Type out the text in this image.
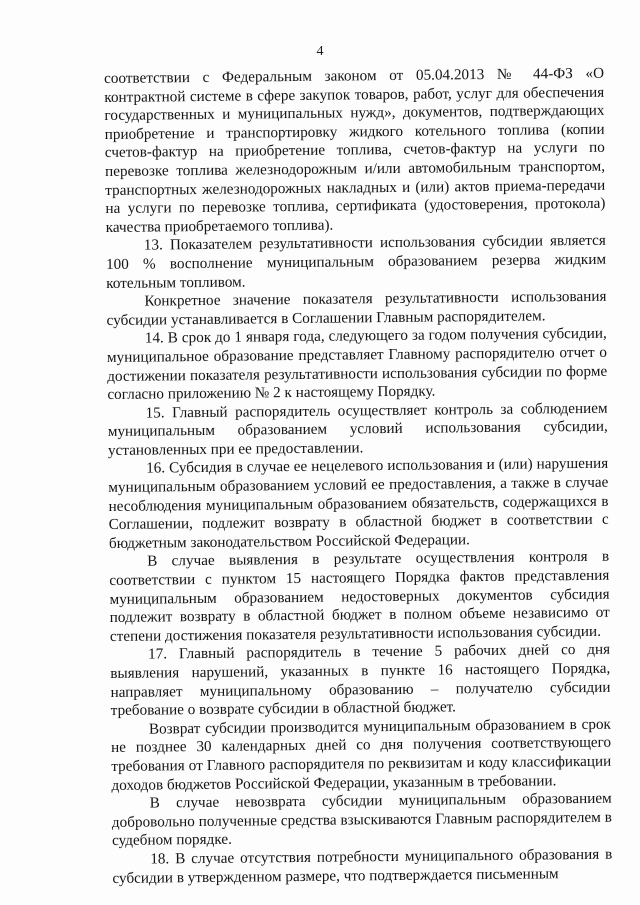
4

соответствии с Федеральным законом от 05.04.2013 № 44-ФЗ «О контрактной системе в сфере закупок товаров, работ, услуг для обеспечения государственных и муниципальных нужд», документов, подтверждающих приобретение и транспортировку жидкого котельного топлива (копии счетов-фактур на приобретение топлива, счетов-фактур на услуги по перевозке топлива железнодорожным и/или автомобильным транспортом, транспортных железнодорожных накладных и (или) актов приема-передачи на услуги по перевозке топлива, сертификата (удостоверения, протокола) качества приобретаемого топлива).

13. Показателем результативности использования субсидии является 100 % восполнение муниципальным образованием резерва жидким котельным топливом.

Конкретное значение показателя результативности использования субсидии устанавливается в Соглашении Главным распорядителем.

14. В срок до 1 января года, следующего за годом получения субсидии, муниципальное образование представляет Главному распорядителю отчет о достижении показателя результативности использования субсидии по форме согласно приложению № 2 к настоящему Порядку.

15. Главный распорядитель осуществляет контроль за соблюдением муниципальным образованием условий использования субсидии, установленных при ее предоставлении.

16. Субсидия в случае ее нецелевого использования и (или) нарушения муниципальным образованием условий ее предоставления, а также в случае несоблюдения муниципальным образованием обязательств, содержащихся в Соглашении, подлежит возврату в областной бюджет в соответствии с бюджетным законодательством Российской Федерации.

В случае выявления в результате осуществления контроля в соответствии с пунктом 15 настоящего Порядка фактов представления муниципальным образованием недостоверных документов субсидия подлежит возврату в областной бюджет в полном объеме независимо от степени достижения показателя результативности использования субсидии.

17. Главный распорядитель в течение 5 рабочих дней со дня выявления нарушений, указанных в пункте 16 настоящего Порядка, направляет муниципальному образованию – получателю субсидии требование о возврате субсидии в областной бюджет.

Возврат субсидии производится муниципальным образованием в срок не позднее 30 календарных дней со дня получения соответствующего требования от Главного распорядителя по реквизитам и коду классификации доходов бюджетов Российской Федерации, указанным в требовании.

В случае невозврата субсидии муниципальным образованием добровольно полученные средства взыскиваются Главным распорядителем в судебном порядке.

18. В случае отсутствия потребности муниципального образования в субсидии в утвержденном размере, что подтверждается письменным
